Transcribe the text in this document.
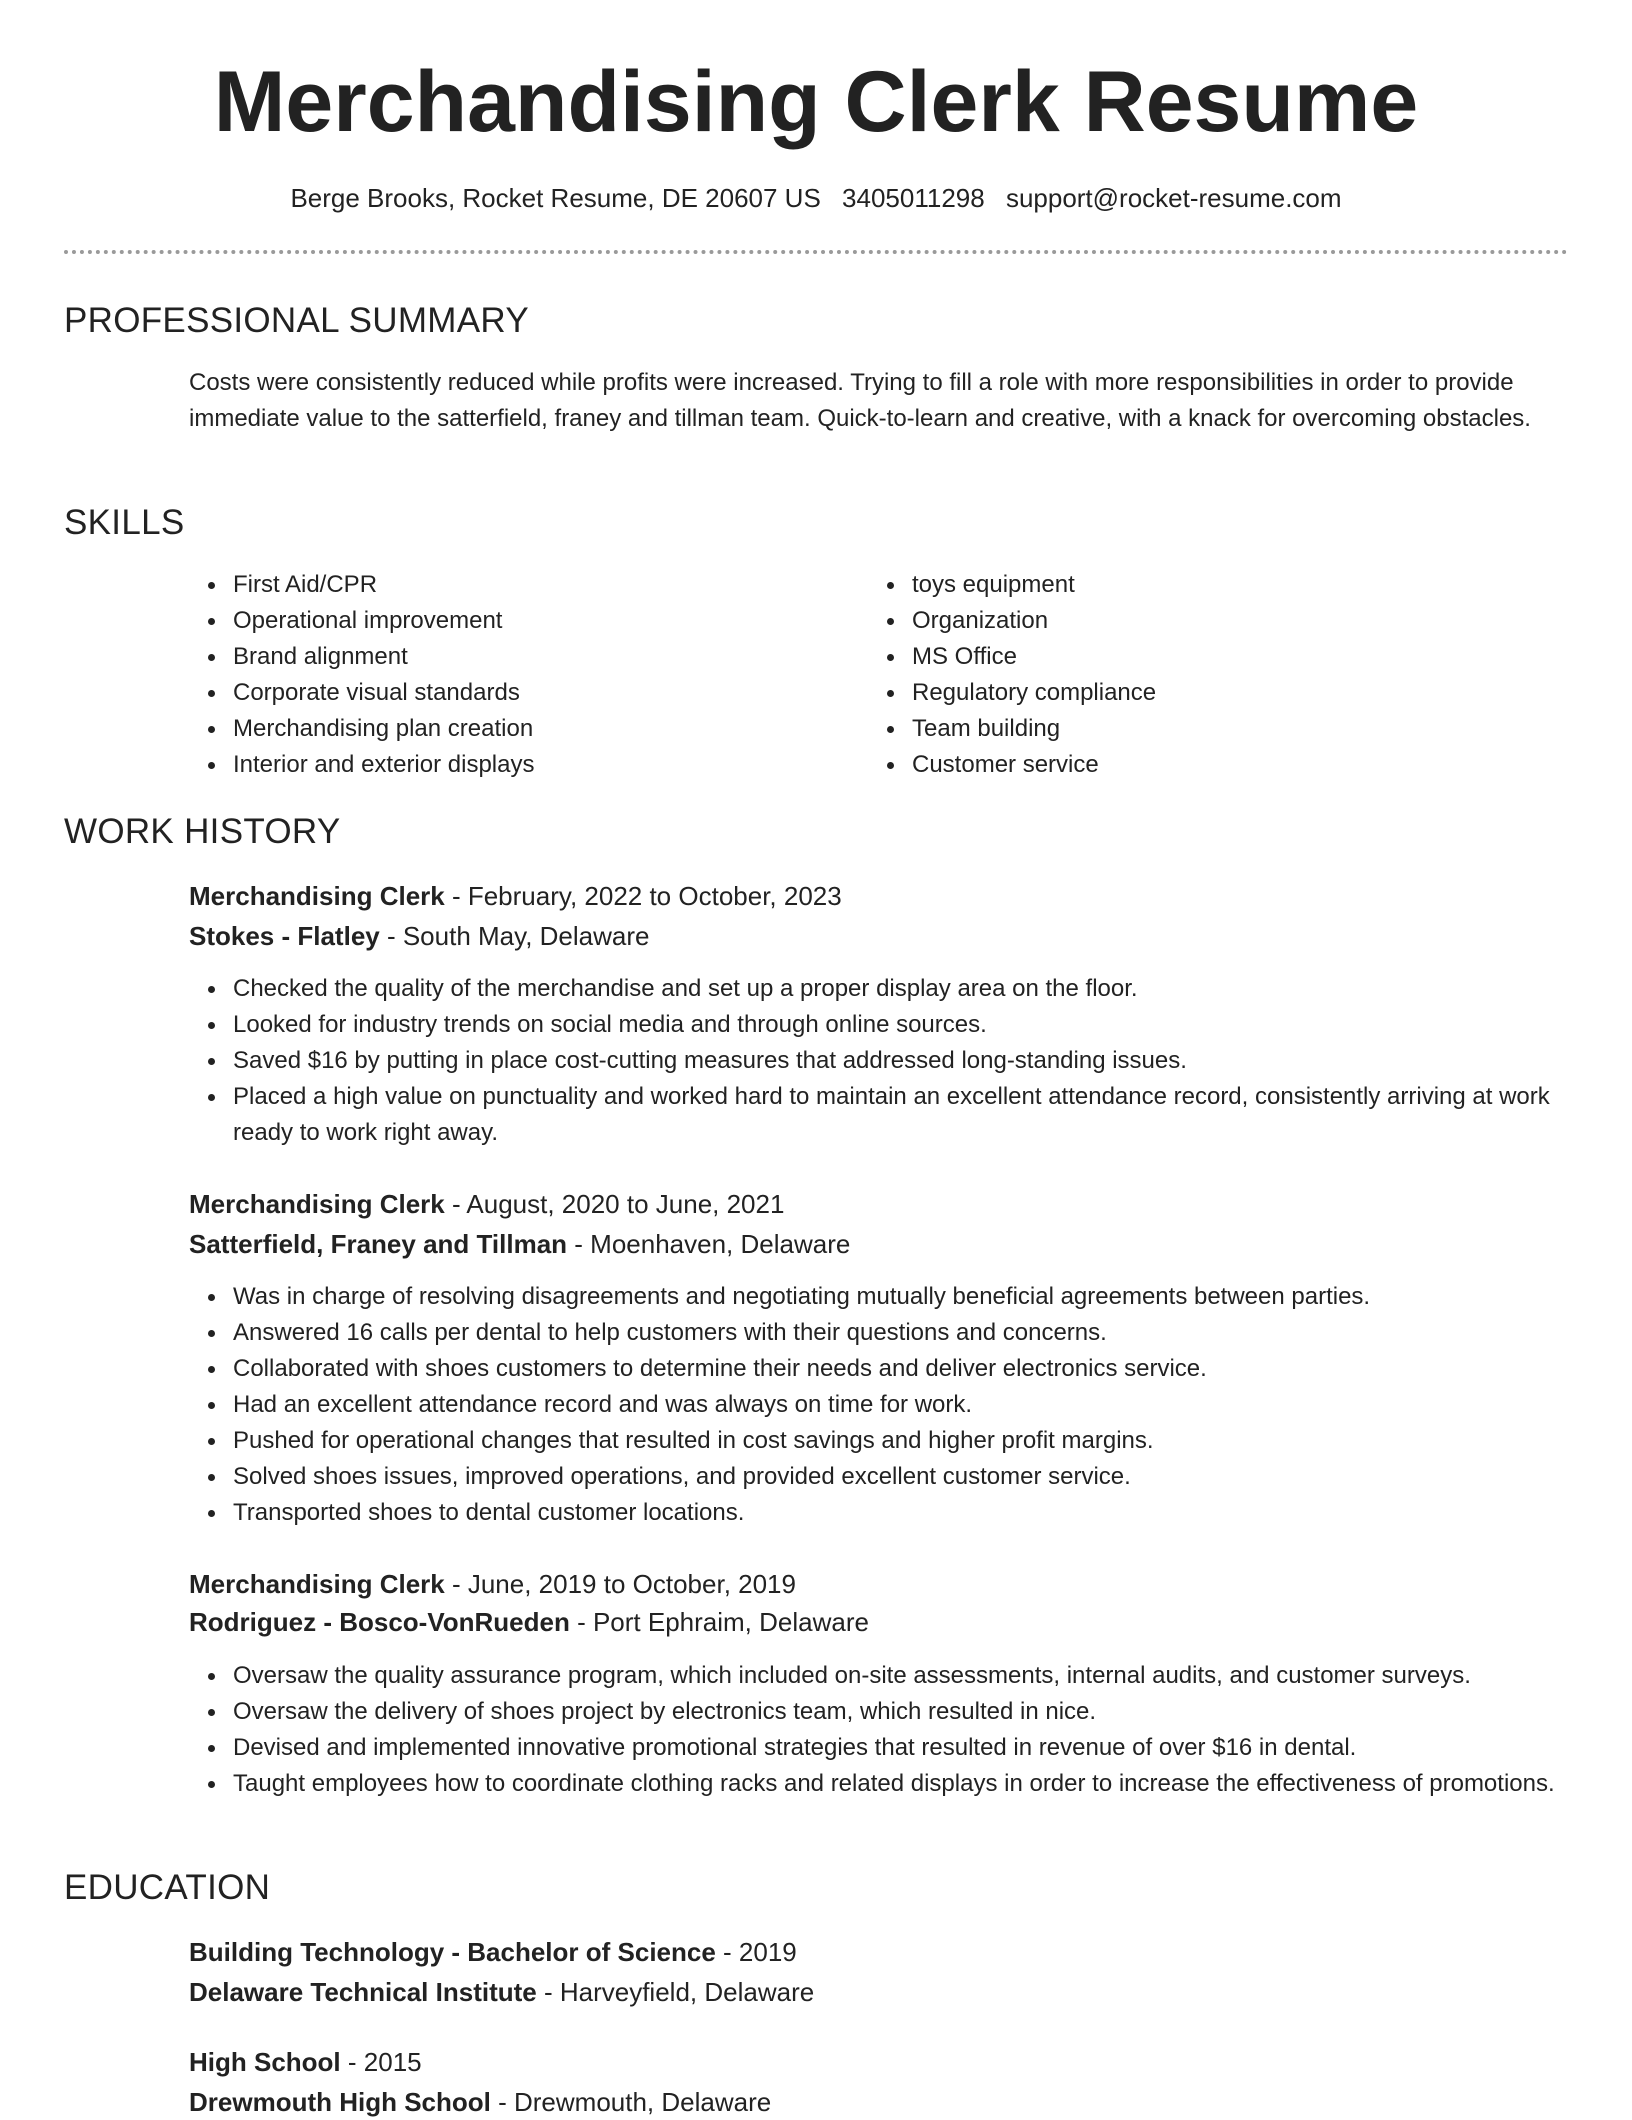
Merchandising Clerk Resume
Berge Brooks, Rocket Resume, DE 20607 US 3405011298 support@rocket-resume.com
PROFESSIONAL SUMMARY

Costs were consistently reduced while profits were increased. Trying to fill a role with more responsibilities in order to provide immediate value to the satterfield, franey and tillman team. Quick-to-learn and creative, with a knack for overcoming obstacles.

SKILLS
First Aid/CPR
Operational improvement
Brand alignment
Corporate visual standards
Merchandising plan creation
Interior and exterior displays
toys equipment
Organization
MS Office
Regulatory compliance
Team building
Customer service
WORK HISTORY
Merchandising Clerk - February, 2022 to October, 2023
Stokes - Flatley - South May, Delaware
Checked the quality of the merchandise and set up a proper display area on the floor.
Looked for industry trends on social media and through online sources.
Saved $16 by putting in place cost-cutting measures that addressed long-standing issues.
Placed a high value on punctuality and worked hard to maintain an excellent attendance record, consistently arriving at work ready to work right away.
Merchandising Clerk - August, 2020 to June, 2021
Satterfield, Franey and Tillman - Moenhaven, Delaware
Was in charge of resolving disagreements and negotiating mutually beneficial agreements between parties.
Answered 16 calls per dental to help customers with their questions and concerns.
Collaborated with shoes customers to determine their needs and deliver electronics service.
Had an excellent attendance record and was always on time for work.
Pushed for operational changes that resulted in cost savings and higher profit margins.
Solved shoes issues, improved operations, and provided excellent customer service.
Transported shoes to dental customer locations.
Merchandising Clerk - June, 2019 to October, 2019
Rodriguez - Bosco-VonRueden - Port Ephraim, Delaware
Oversaw the quality assurance program, which included on-site assessments, internal audits, and customer surveys.
Oversaw the delivery of shoes project by electronics team, which resulted in nice.
Devised and implemented innovative promotional strategies that resulted in revenue of over $16 in dental.
Taught employees how to coordinate clothing racks and related displays in order to increase the effectiveness of promotions.
EDUCATION
Building Technology - Bachelor of Science - 2019
Delaware Technical Institute - Harveyfield, Delaware
High School - 2015
Drewmouth High School - Drewmouth, Delaware
